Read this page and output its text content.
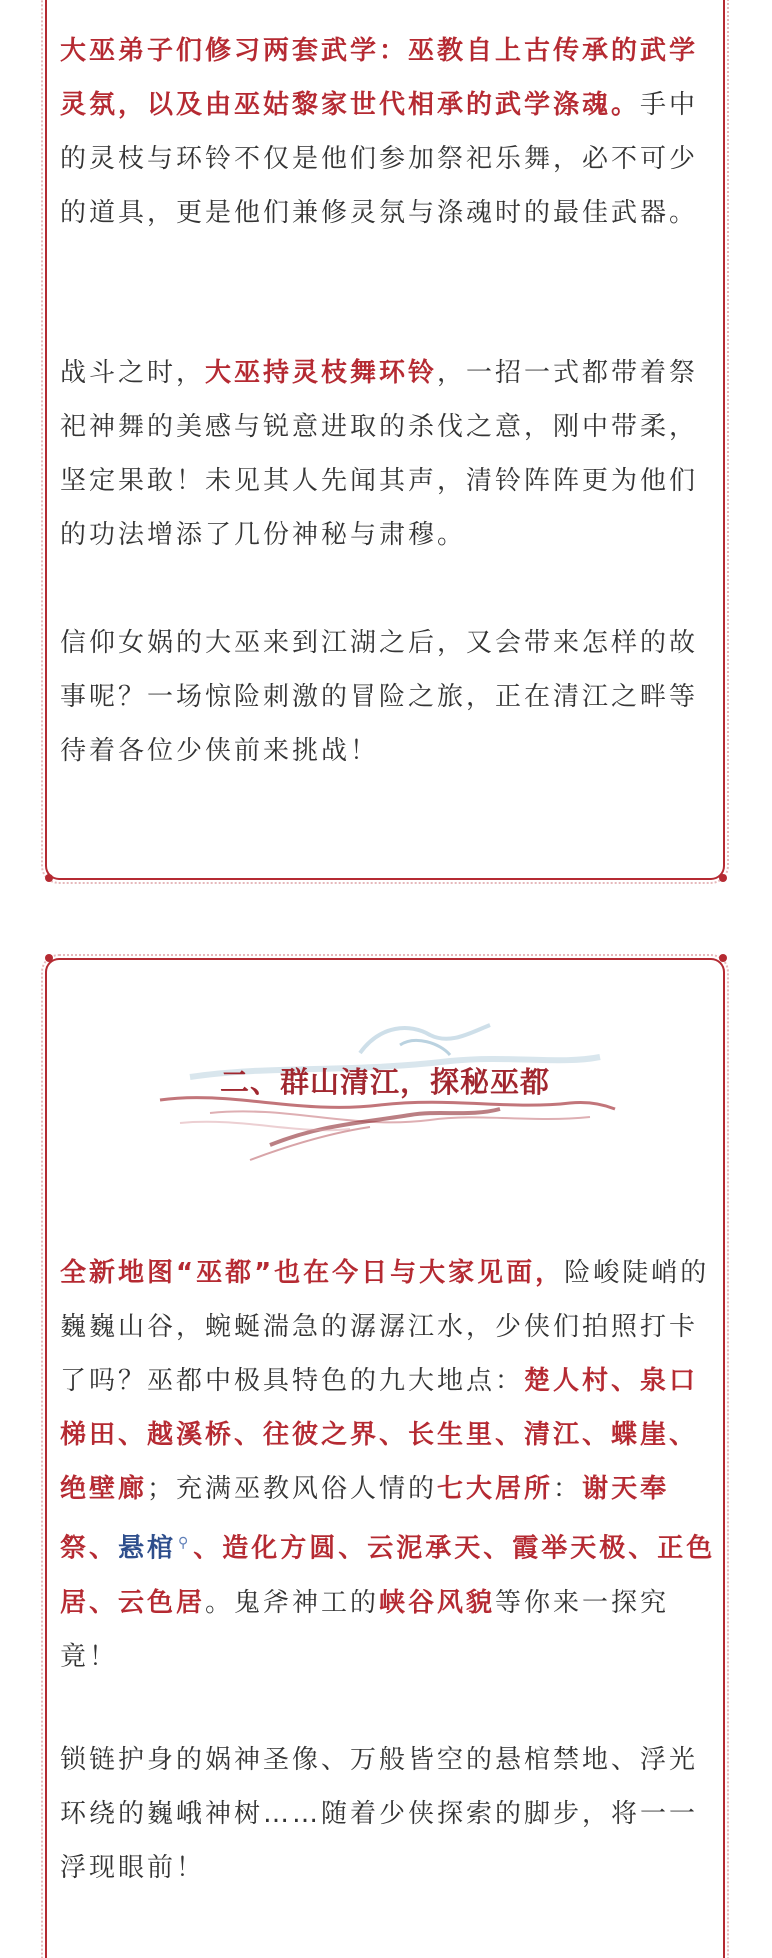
大巫弟子们修习两套武学：巫教自上古传承的武学灵氛，以及由巫姑黎家世代相承的武学涤魂。手中的灵枝与环铃不仅是他们参加祭祀乐舞，必不可少的道具，更是他们兼修灵氛与涤魂时的最佳武器。

战斗之时，大巫持灵枝舞环铃，一招一式都带着祭祀神舞的美感与锐意进取的杀伐之意，刚中带柔，坚定果敢！未见其人先闻其声，清铃阵阵更为他们的功法增添了几份神秘与肃穆。

信仰女娲的大巫来到江湖之后，又会带来怎样的故事呢？一场惊险刺激的冒险之旅，正在清江之畔等待着各位少侠前来挑战！

二、群山清江，探秘巫都

全新地图“巫都”也在今日与大家见面，险峻陡峭的巍巍山谷，蜿蜒湍急的潺潺江水，少侠们拍照打卡了吗？巫都中极具特色的九大地点：楚人村、泉口梯田、越溪桥、往彼之界、长生里、清江、蝶崖、绝壁廊；充满巫教风俗人情的七大居所：谢天奉祭、悬棺 ⚲、造化方圆、云泥承天、霞举天极、正色居、云色居。鬼斧神工的峡谷风貌等你来一探究竟！

锁链护身的娲神圣像、万般皆空的悬棺禁地、浮光环绕的巍峨神树……随着少侠探索的脚步，将一一浮现眼前！
